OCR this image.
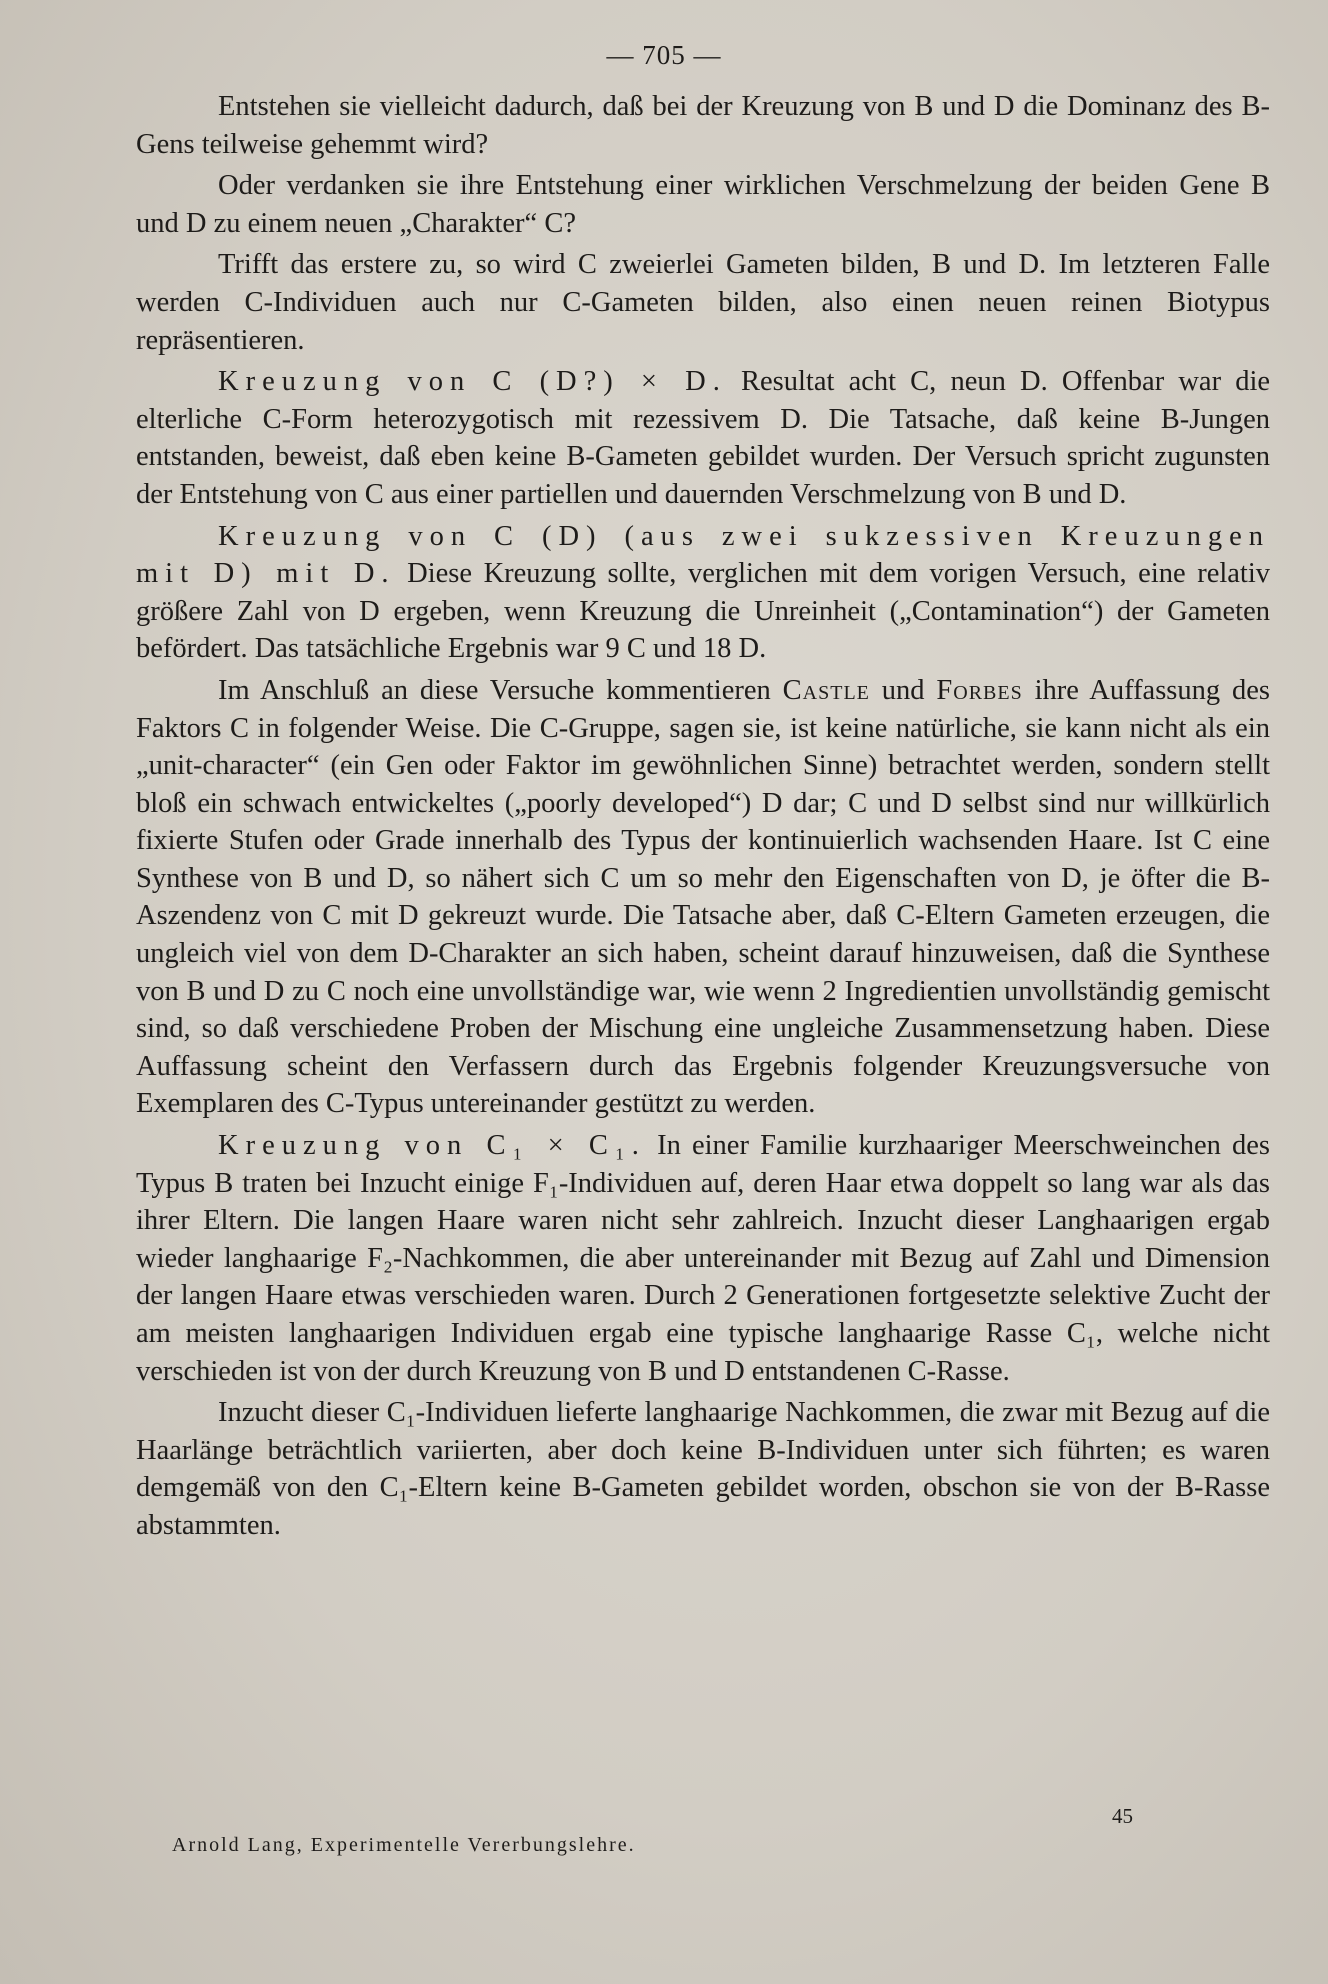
— 705 —

Entstehen sie vielleicht dadurch, daß bei der Kreuzung von B und D die Dominanz des B-Gens teilweise gehemmt wird?

Oder verdanken sie ihre Entstehung einer wirklichen Verschmelzung der beiden Gene B und D zu einem neuen „Charakter“ C?

Trifft das erstere zu, so wird C zweierlei Gameten bilden, B und D. Im letzteren Falle werden C-Individuen auch nur C-Gameten bilden, also einen neuen reinen Biotypus repräsentieren.

Kreuzung von C (D?) × D. Resultat acht C, neun D. Offenbar war die elterliche C-Form heterozygotisch mit rezessivem D. Die Tatsache, daß keine B-Jungen entstanden, beweist, daß eben keine B-Gameten gebildet wurden. Der Versuch spricht zugunsten der Entstehung von C aus einer partiellen und dauernden Verschmelzung von B und D.

Kreuzung von C (D) (aus zwei sukzessiven Kreuzungen mit D) mit D. Diese Kreuzung sollte, verglichen mit dem vorigen Versuch, eine relativ größere Zahl von D ergeben, wenn Kreuzung die Unreinheit („Contamination“) der Gameten befördert. Das tatsächliche Ergebnis war 9 C und 18 D.

Im Anschluß an diese Versuche kommentieren Castle und Forbes ihre Auffassung des Faktors C in folgender Weise. Die C-Gruppe, sagen sie, ist keine natürliche, sie kann nicht als ein „unit-character“ (ein Gen oder Faktor im gewöhnlichen Sinne) betrachtet werden, sondern stellt bloß ein schwach entwickeltes („poorly developed“) D dar; C und D selbst sind nur willkürlich fixierte Stufen oder Grade innerhalb des Typus der kontinuierlich wachsenden Haare. Ist C eine Synthese von B und D, so nähert sich C um so mehr den Eigenschaften von D, je öfter die B-Aszendenz von C mit D gekreuzt wurde. Die Tatsache aber, daß C-Eltern Gameten erzeugen, die ungleich viel von dem D-Charakter an sich haben, scheint darauf hinzuweisen, daß die Synthese von B und D zu C noch eine unvollständige war, wie wenn 2 Ingredientien unvollständig gemischt sind, so daß verschiedene Proben der Mischung eine ungleiche Zusammensetzung haben. Diese Auffassung scheint den Verfassern durch das Ergebnis folgender Kreuzungsversuche von Exemplaren des C-Typus untereinander gestützt zu werden.

Kreuzung von C₁ × C₁. In einer Familie kurzhaariger Meerschweinchen des Typus B traten bei Inzucht einige F₁-Individuen auf, deren Haar etwa doppelt so lang war als das ihrer Eltern. Die langen Haare waren nicht sehr zahlreich. Inzucht dieser Langhaarigen ergab wieder langhaarige F₂-Nachkommen, die aber untereinander mit Bezug auf Zahl und Dimension der langen Haare etwas verschieden waren. Durch 2 Generationen fortgesetzte selektive Zucht der am meisten langhaarigen Individuen ergab eine typische langhaarige Rasse C₁, welche nicht verschieden ist von der durch Kreuzung von B und D entstandenen C-Rasse.

Inzucht dieser C₁-Individuen lieferte langhaarige Nachkommen, die zwar mit Bezug auf die Haarlänge beträchtlich variierten, aber doch keine B-Individuen unter sich führten; es waren demgemäß von den C₁-Eltern keine B-Gameten gebildet worden, obschon sie von der B-Rasse abstammten.

45
Arnold Lang, Experimentelle Vererbungslehre.
